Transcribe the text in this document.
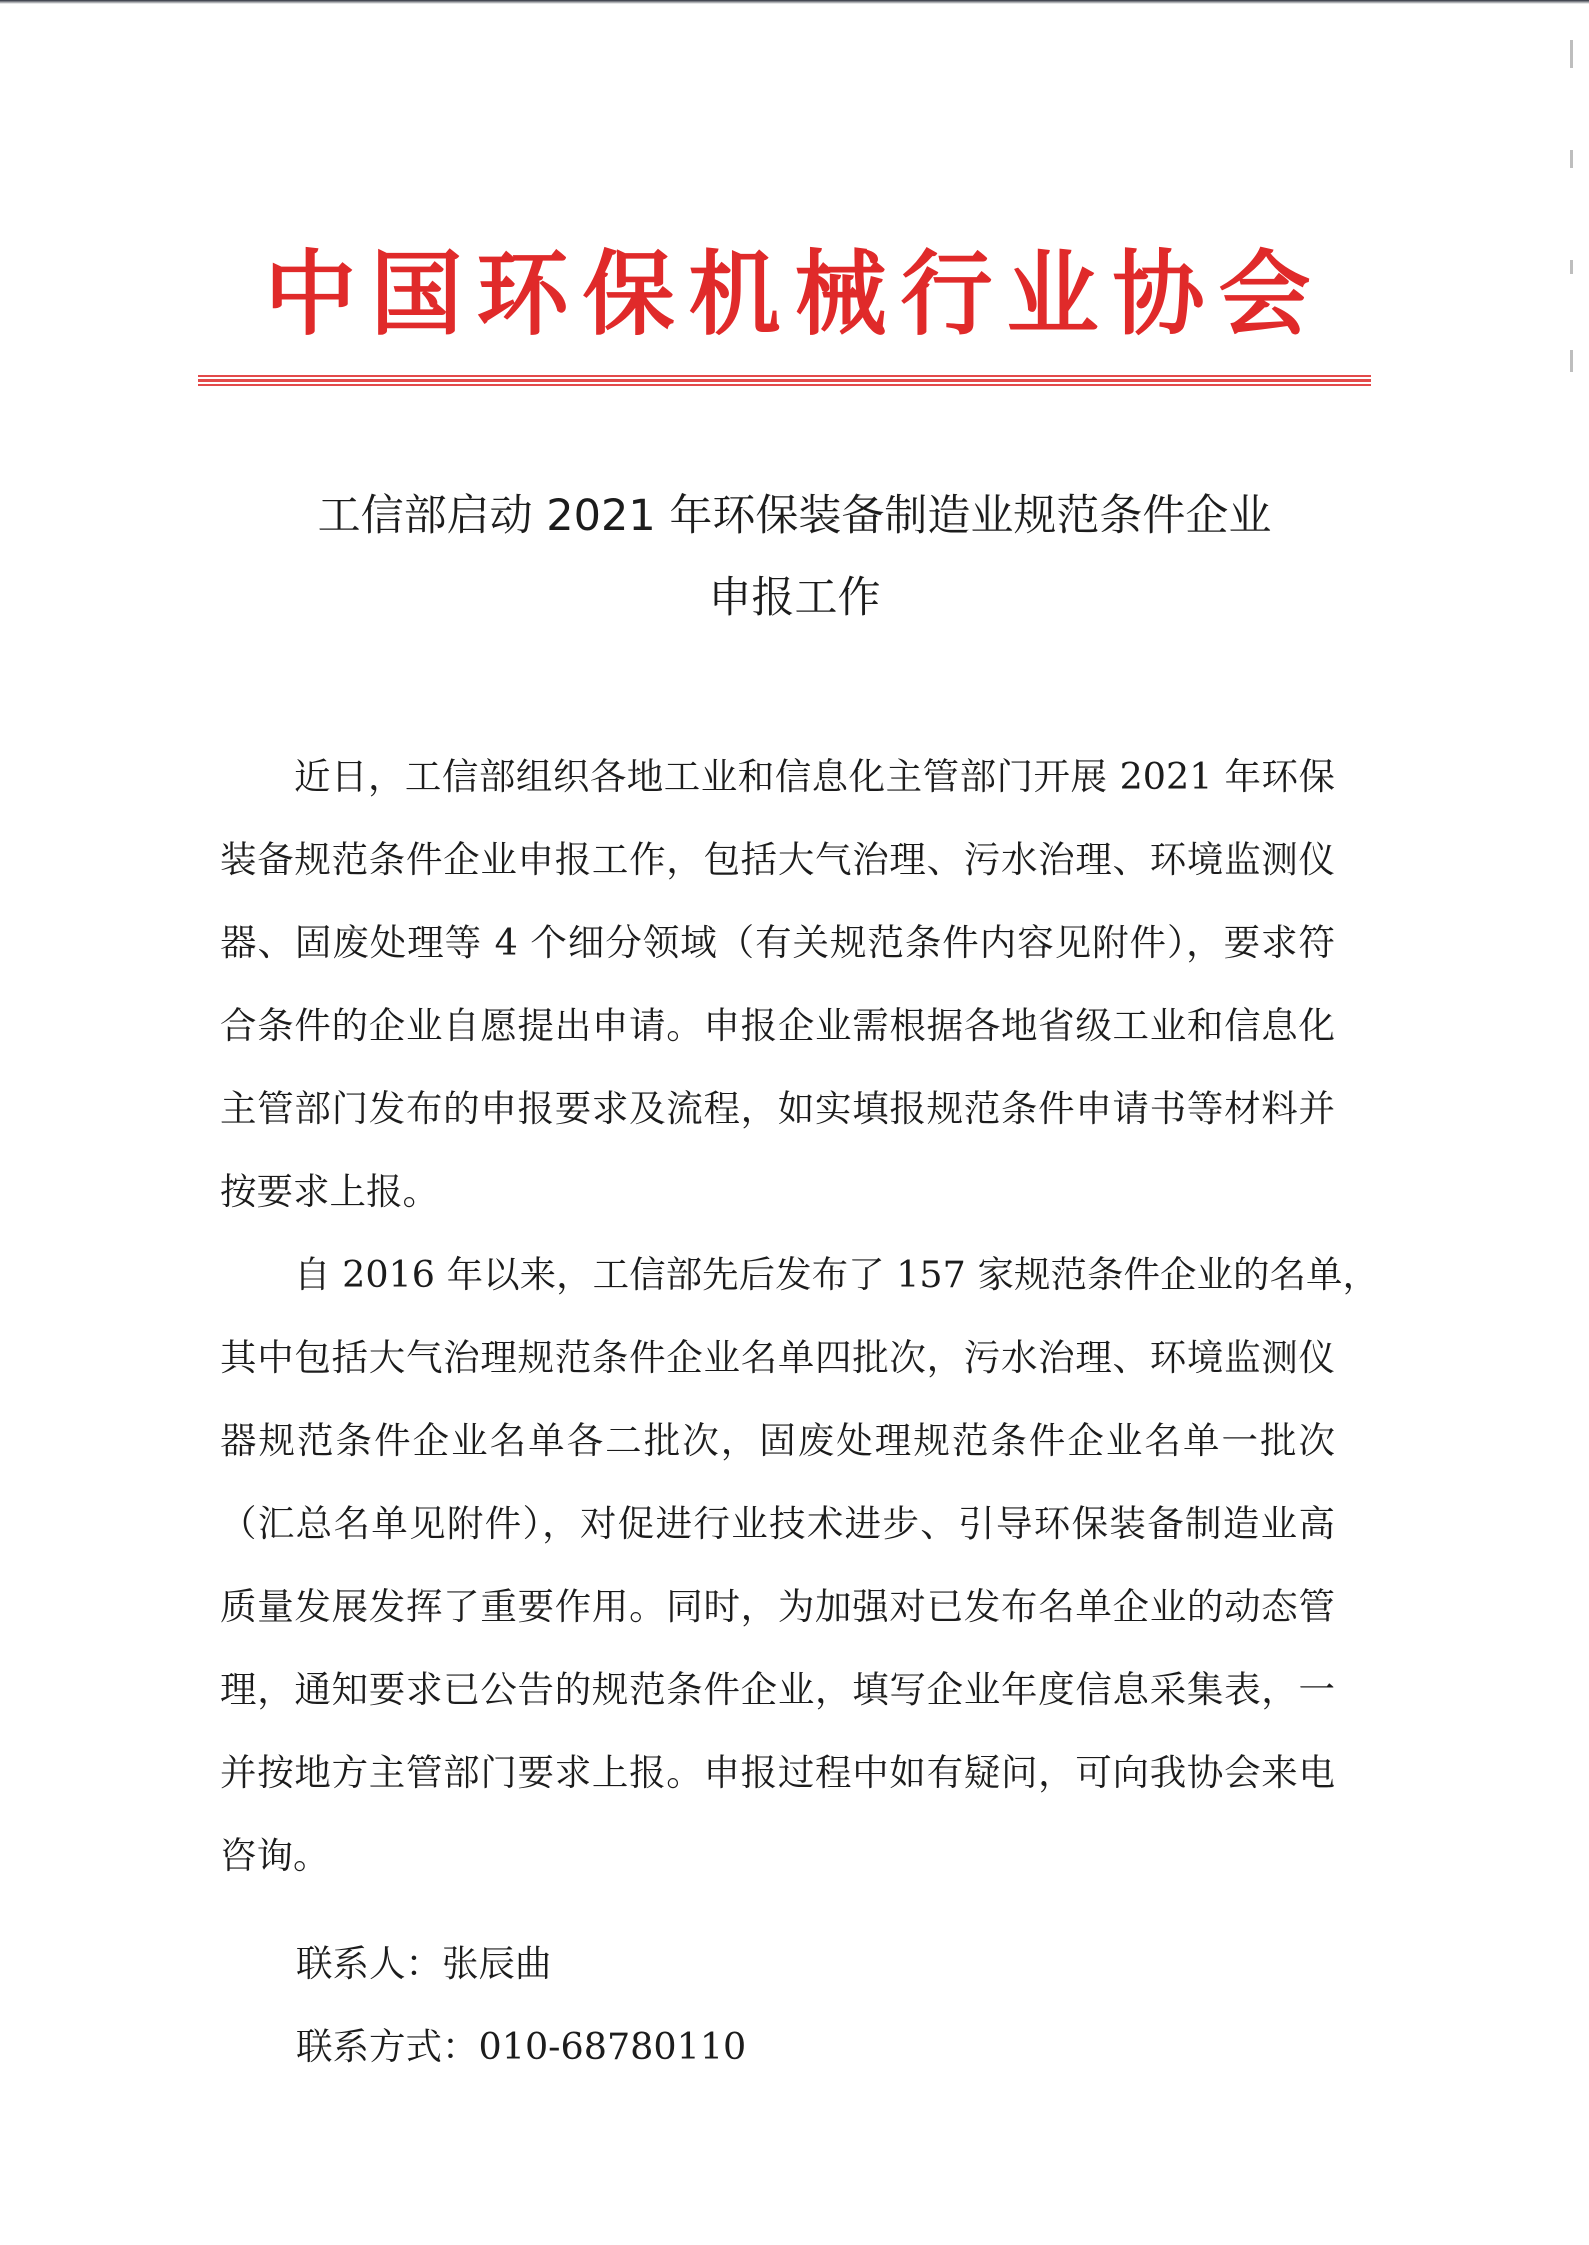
中国环保机械行业协会
工信部启动 2021 年环保装备制造业规范条件企业
申报工作
近日，工信部组织各地工业和信息化主管部门开展 2021 年环保
装备规范条件企业申报工作，包括大气治理、污水治理、环境监测仪
器、固废处理等 4 个细分领域（有关规范条件内容见附件），要求符
合条件的企业自愿提出申请。申报企业需根据各地省级工业和信息化
主管部门发布的申报要求及流程，如实填报规范条件申请书等材料并
按要求上报。
自 2016 年以来，工信部先后发布了 157 家规范条件企业的名单，
其中包括大气治理规范条件企业名单四批次，污水治理、环境监测仪
器规范条件企业名单各二批次，固废处理规范条件企业名单一批次
（汇总名单见附件），对促进行业技术进步、引导环保装备制造业高
质量发展发挥了重要作用。同时，为加强对已发布名单企业的动态管
理，通知要求已公告的规范条件企业，填写企业年度信息采集表，一
并按地方主管部门要求上报。申报过程中如有疑问，可向我协会来电
咨询。
联系人：张辰曲
联系方式：010-68780110
